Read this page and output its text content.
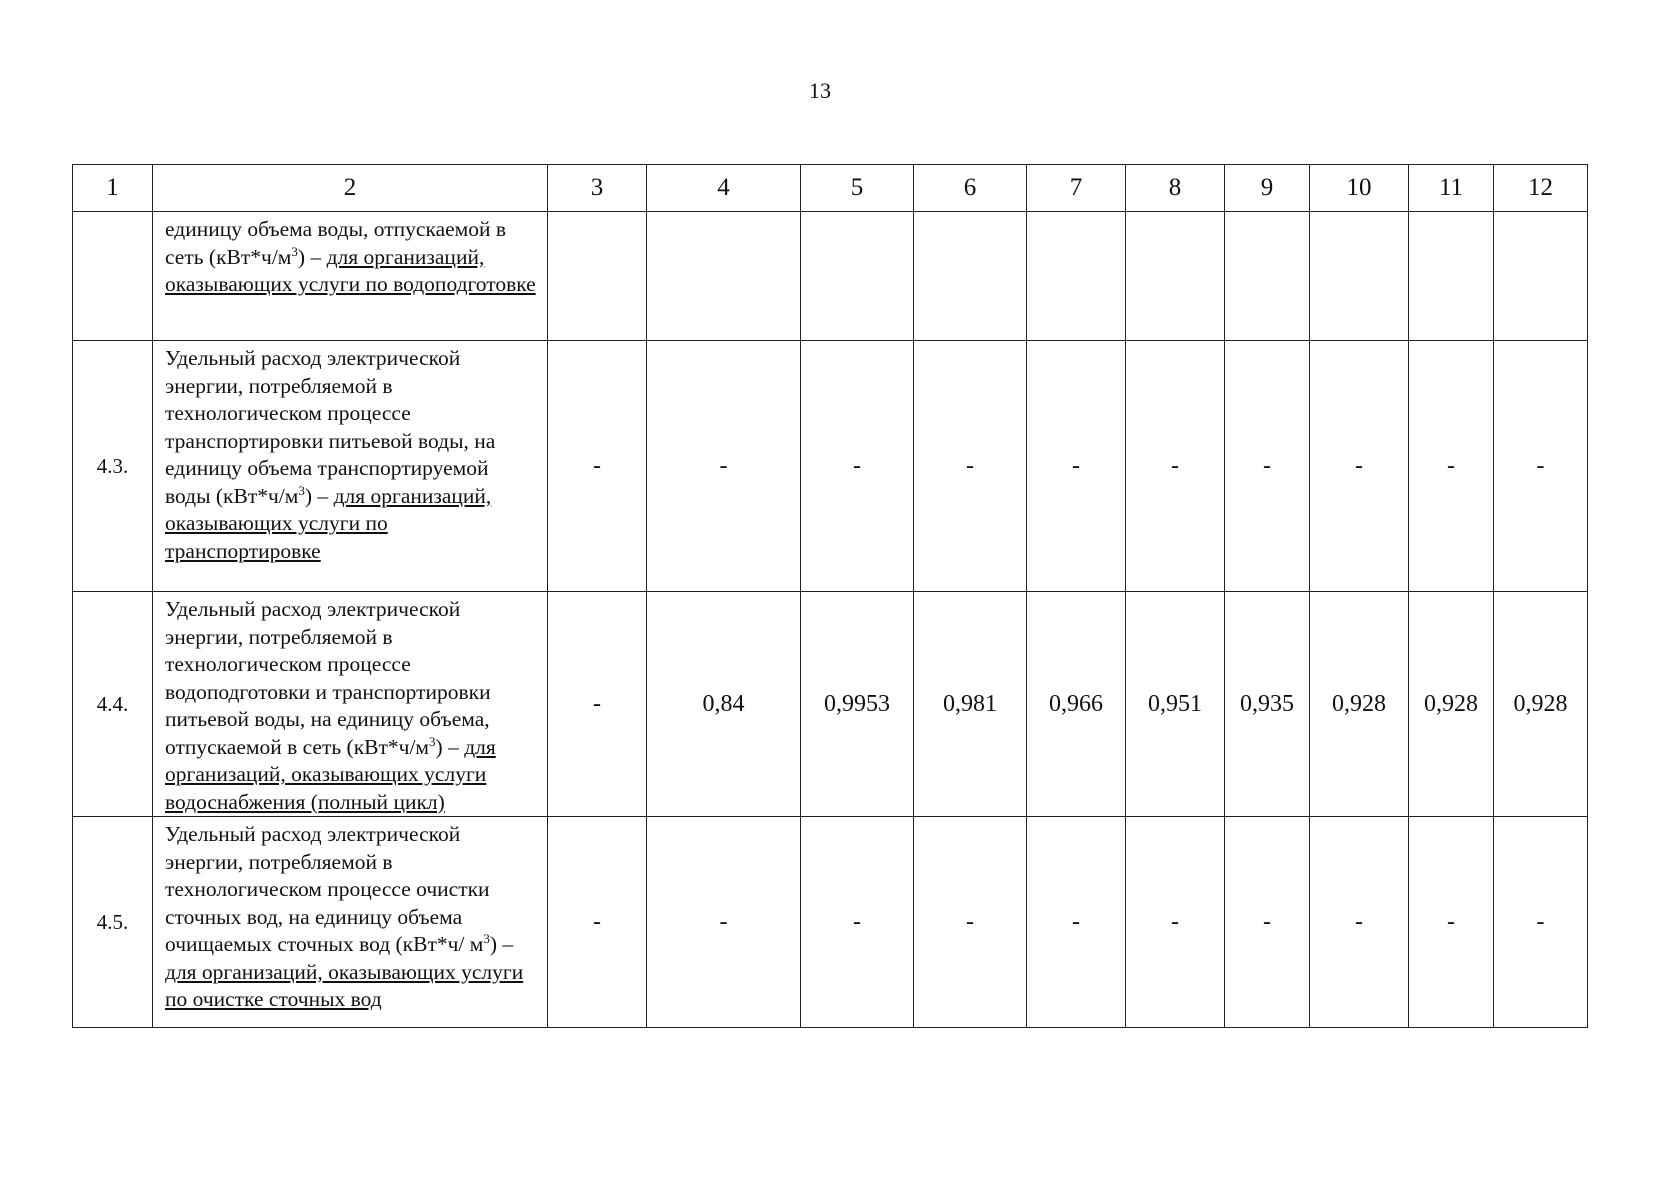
13
1	2	3	4	5	6	7	8	9	10	11	12
	единицу объема воды, отпускаемой в сеть $(кВт*ч/м^3)$ – для организаций, оказывающих услуги по водоподготовке										
4.3.	Удельный расход электрической энергии, потребляемой в технологическом процессе транспортировки питьевой воды, на единицу объема транспортируемой воды $(кВт*ч/м^3)$ – для организаций, оказывающих услуги по транспортировке	-	-	-	-	-	-	-	-	-	-
4.4.	Удельный расход электрической энергии, потребляемой в технологическом процессе водоподготовки и транспортировки питьевой воды, на единицу объема, отпускаемой в сеть $(кВт*ч/м^3)$ – для организаций, оказывающих услуги водоснабжения (полный цикл)	-	0,84	0,9953	0,981	0,966	0,951	0,935	0,928	0,928	0,928
4.5.	Удельный расход электрической энергии, потребляемой в технологическом процессе очистки сточных вод, на единицу объема очищаемых сточных вод (кВт*ч/ $м^3$) – для организаций, оказывающих услуги по очистке сточных вод	-	-	-	-	-	-	-	-	-	-
